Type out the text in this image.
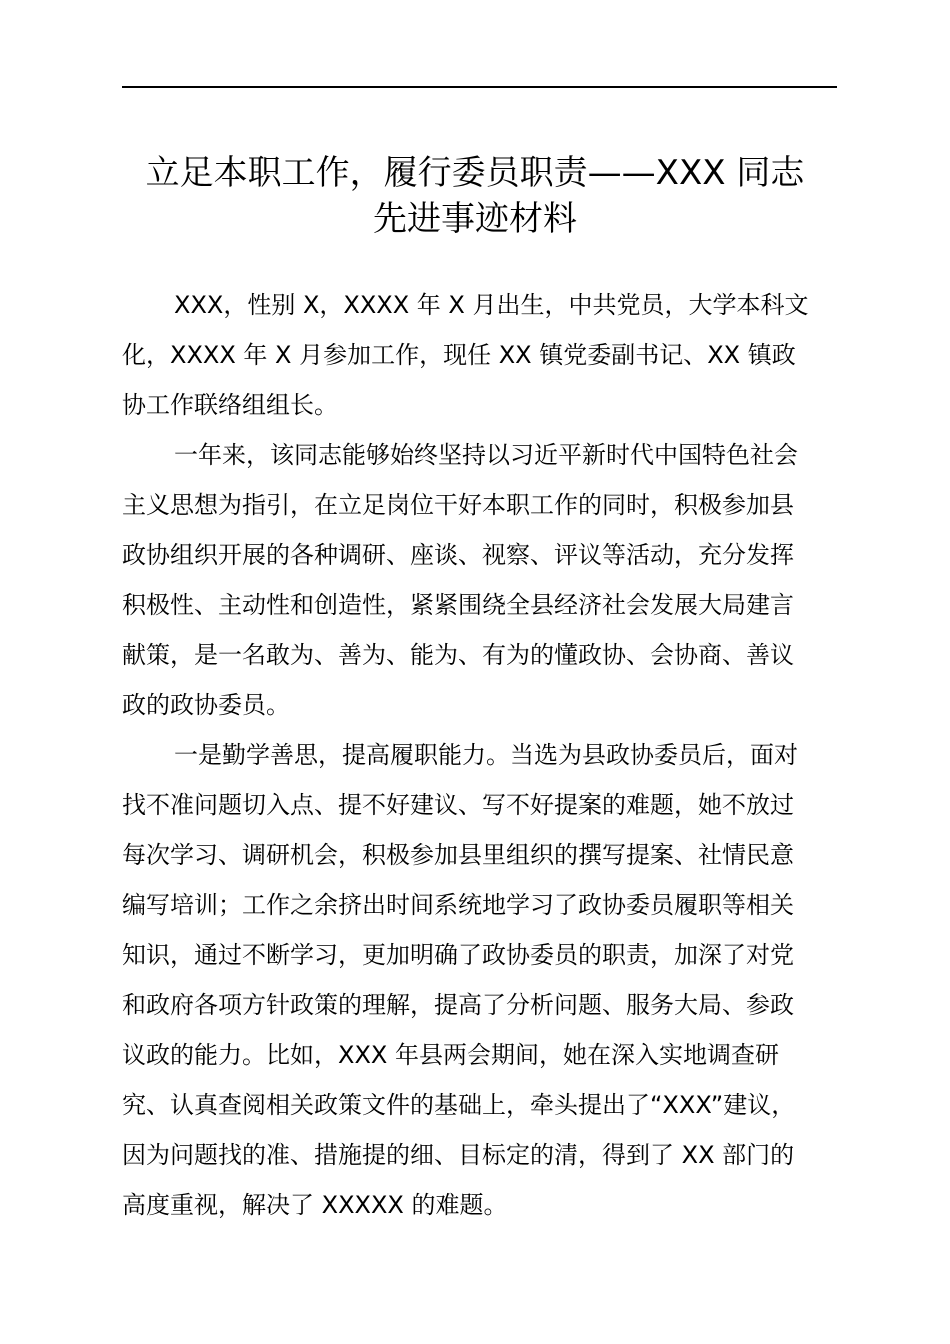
立足本职工作，履行委员职责——XXX 同志
先进事迹材料

XXX，性别 X，XXXX 年 X 月出生，中共党员，大学本科文
化，XXXX 年 X 月参加工作，现任 XX 镇党委副书记、XX 镇政
协工作联络组组长。

一年来，该同志能够始终坚持以习近平新时代中国特色社会
主义思想为指引，在立足岗位干好本职工作的同时，积极参加县
政协组织开展的各种调研、座谈、视察、评议等活动，充分发挥
积极性、主动性和创造性，紧紧围绕全县经济社会发展大局建言
献策，是一名敢为、善为、能为、有为的懂政协、会协商、善议
政的政协委员。

一是勤学善思，提高履职能力。当选为县政协委员后，面对
找不准问题切入点、提不好建议、写不好提案的难题，她不放过
每次学习、调研机会，积极参加县里组织的撰写提案、社情民意
编写培训；工作之余挤出时间系统地学习了政协委员履职等相关
知识，通过不断学习，更加明确了政协委员的职责，加深了对党
和政府各项方针政策的理解，提高了分析问题、服务大局、参政
议政的能力。比如，XXX 年县两会期间，她在深入实地调查研
究、认真查阅相关政策文件的基础上，牵头提出了“XXX”建议，
因为问题找的准、措施提的细、目标定的清，得到了 XX 部门的
高度重视，解决了 XXXXX 的难题。
